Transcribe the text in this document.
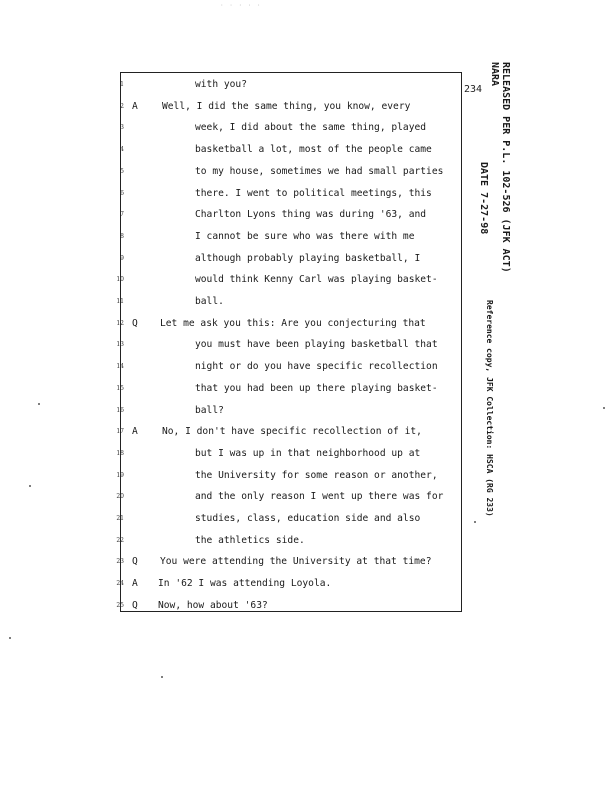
· · · · ·
234 RELEASED PER P.L. 102-526 (JFK ACT)
NARA
DATE 7-27-98
Reference copy, JFK Collection: HSCA (RG 233)
1	with you?
2 A	Well, I did the same thing, you know, every
3	week, I did about the same thing, played
4	basketball a lot, most of the people came
5	to my house, sometimes we had small parties
6	there. I went to political meetings, this
7	Charlton Lyons thing was during '63, and
8	I cannot be sure who was there with me
9	although probably playing basketball, I
10	would think Kenny Carl was playing basket-
11	ball.
12 Q Let me ask you this: Are you conjecturing that
13	you must have been playing basketball that
14	night or do you have specific recollection
15	that you had been up there playing basket-
16	ball?
17 A	No, I don't have specific recollection of it,
18	but I was up in that neighborhood up at
19	the University for some reason or another,
20	and the only reason I went up there was for
21	studies, class, education side and also
22	the athletics side.
23 Q You were attending the University at that time?
24 A In '62 I was attending Loyola.
25 Q Now, how about '63?
